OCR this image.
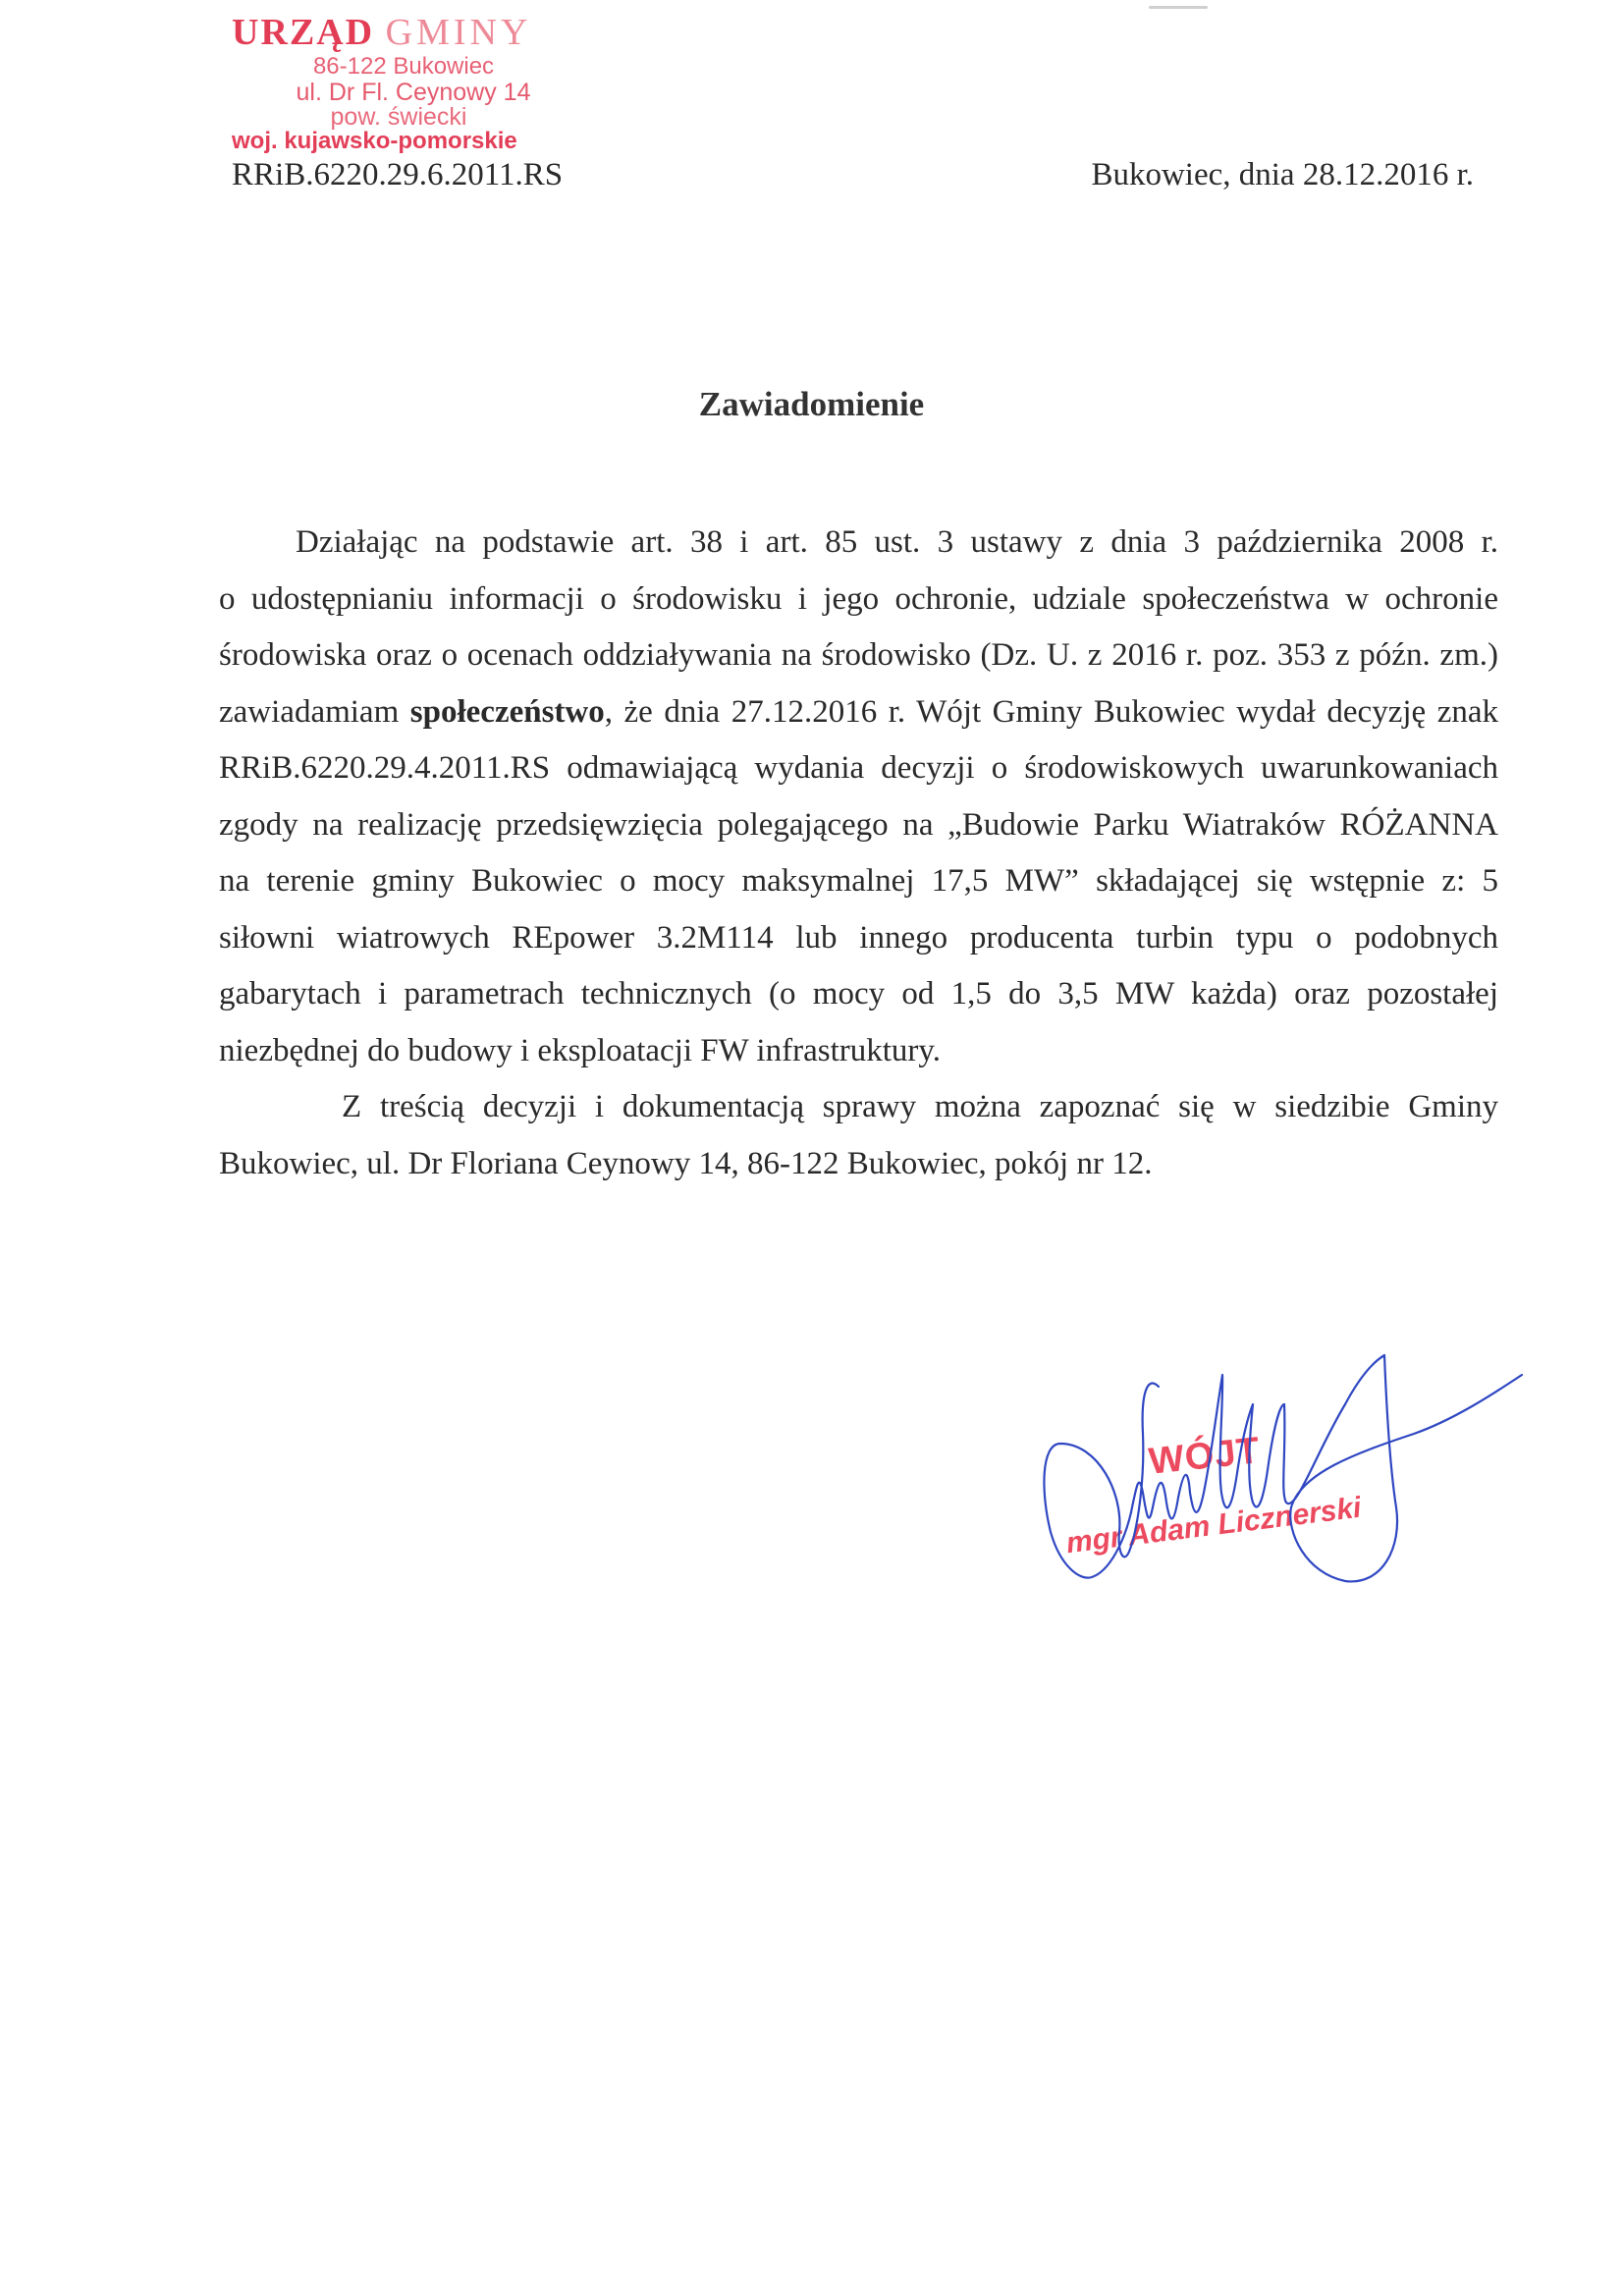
URZĄD GMINY
86-122 Bukowiec
ul. Dr Fl. Ceynowy 14
pow. świecki
woj. kujawsko-pomorskie
RRiB.6220.29.6.2011.RS	Bukowiec, dnia 28.12.2016 r.
Zawiadomienie
Działając na podstawie art. 38 i art. 85 ust. 3 ustawy z dnia 3 października 2008 r.
o udostępnianiu informacji o środowisku i jego ochronie, udziale społeczeństwa w ochronie
środowiska oraz o ocenach oddziaływania na środowisko (Dz. U. z 2016 r. poz. 353 z późn. zm.)
zawiadamiam społeczeństwo, że dnia 27.12.2016 r. Wójt Gminy Bukowiec wydał decyzję znak
RRiB.6220.29.4.2011.RS odmawiającą wydania decyzji o środowiskowych uwarunkowaniach
zgody na realizację przedsięwzięcia polegającego na „Budowie Parku Wiatraków RÓŻANNA
na terenie gminy Bukowiec o mocy maksymalnej 17,5 MW” składającej się wstępnie z: 5
siłowni wiatrowych REpower 3.2M114 lub innego producenta turbin typu o podobnych
gabarytach i parametrach technicznych (o mocy od 1,5 do 3,5 MW każda) oraz pozostałej
niezbędnej do budowy i eksploatacji FW infrastruktury.
Z treścią decyzji i dokumentacją sprawy można zapoznać się w siedzibie Gminy
Bukowiec, ul. Dr Floriana Ceynowy 14, 86-122 Bukowiec, pokój nr 12.
WÓJT
mgr Adam Licznerski
